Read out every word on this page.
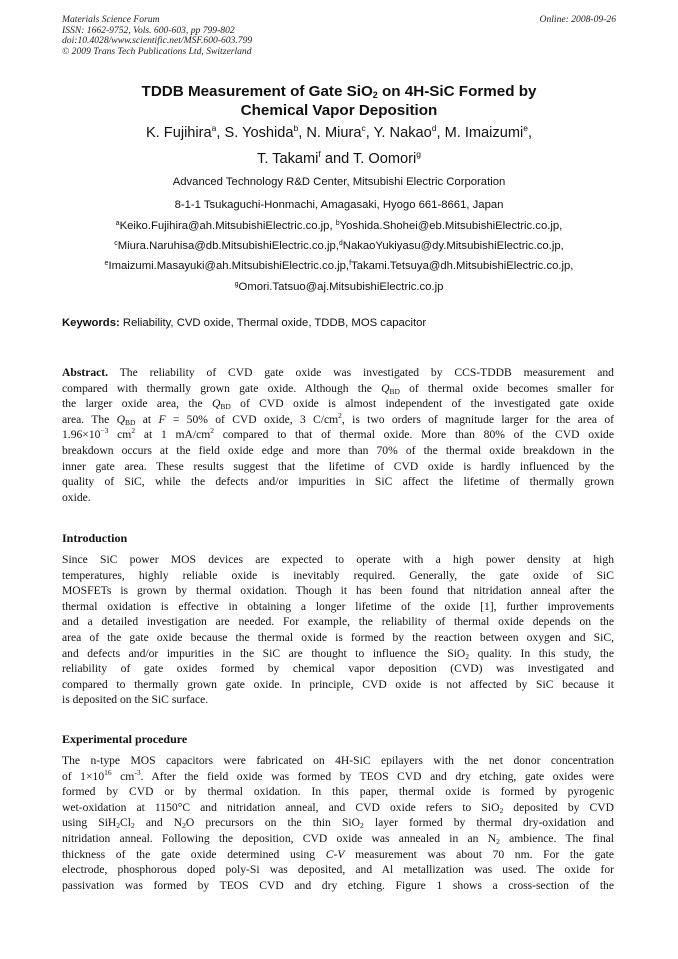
Materials Science Forum
ISSN: 1662-9752, Vols. 600-603, pp 799-802
doi:10.4028/www.scientific.net/MSF.600-603.799
© 2009 Trans Tech Publications Ltd, Switzerland
Online: 2008-09-26
TDDB Measurement of Gate SiO$_2$ on 4H-SiC Formed by
Chemical Vapor Deposition
K. Fujihira$^a$, S. Yoshida$^b$, N. Miura$^c$, Y. Nakao$^d$, M. Imaizumi$^e$,
T. Takami$^f$ and T. Oomori$^g$
Advanced Technology R&D Center, Mitsubishi Electric Corporation
8-1-1 Tsukaguchi-Honmachi, Amagasaki, Hyogo 661-8661, Japan
$^a$Keiko.Fujihira@ah.MitsubishiElectric.co.jp, $^b$Yoshida.Shohei@eb.MitsubishiElectric.co.jp,
$^c$Miura.Naruhisa@db.MitsubishiElectric.co.jp,$^d$NakaoYukiyasu@dy.MitsubishiElectric.co.jp,
$^e$Imaizumi.Masayuki@ah.MitsubishiElectric.co.jp,$^f$Takami.Tetsuya@dh.MitsubishiElectric.co.jp,
$^g$Omori.Tatsuo@aj.MitsubishiElectric.co.jp
Keywords: Reliability, CVD oxide, Thermal oxide, TDDB, MOS capacitor
Abstract. The reliability of CVD gate oxide was investigated by CCS-TDDB measurement and
compared with thermally grown gate oxide. Although the $Q_{BD}$ of thermal oxide becomes smaller for
the larger oxide area, the $Q_{BD}$ of CVD oxide is almost independent of the investigated gate oxide
area. The $Q_{BD}$ at F = 50% of CVD oxide, 3 $C/cm^2$, is two orders of magnitude larger for the area of
$1.96\times 10^{-3}$ $cm^2$ at 1 $mA/cm^2$ compared to that of thermal oxide. More than 80% of the CVD oxide
breakdown occurs at the field oxide edge and more than 70% of the thermal oxide breakdown in the
inner gate area. These results suggest that the lifetime of CVD oxide is hardly influenced by the
quality of SiC, while the defects and/or impurities in SiC affect the lifetime of thermally grown
oxide.
Introduction
Since SiC power MOS devices are expected to operate with a high power density at high
temperatures, highly reliable oxide is inevitably required. Generally, the gate oxide of SiC
MOSFETs is grown by thermal oxidation. Though it has been found that nitridation anneal after the
thermal oxidation is effective in obtaining a longer lifetime of the oxide [1], further improvements
and a detailed investigation are needed. For example, the reliability of thermal oxide depends on the
area of the gate oxide because the thermal oxide is formed by the reaction between oxygen and SiC,
and defects and/or impurities in the SiC are thought to influence the SiO$_2$ quality. In this study, the
reliability of gate oxides formed by chemical vapor deposition (CVD) was investigated and
compared to thermally grown gate oxide. In principle, CVD oxide is not affected by SiC because it
is deposited on the SiC surface.
Experimental procedure
The n-type MOS capacitors were fabricated on 4H-SiC epilayers with the net donor concentration
of $1\times 10^{16}$ $cm^{-3}$. After the field oxide was formed by TEOS CVD and dry etching, gate oxides were
formed by CVD or by thermal oxidation. In this paper, thermal oxide is formed by pyrogenic
wet-oxidation at 1150°C and nitridation anneal, and CVD oxide refers to SiO$_2$ deposited by CVD
using $SiH_2Cl_2$ and $N_2O$ precursors on the thin SiO$_2$ layer formed by thermal dry-oxidation and
nitridation anneal. Following the deposition, CVD oxide was annealed in an $N_2$ ambience. The final
thickness of the gate oxide determined using C-V measurement was about 70 nm. For the gate
electrode, phosphorous doped poly-Si was deposited, and Al metallization was used. The oxide for
passivation was formed by TEOS CVD and dry etching. Figure 1 shows a cross-section of the
